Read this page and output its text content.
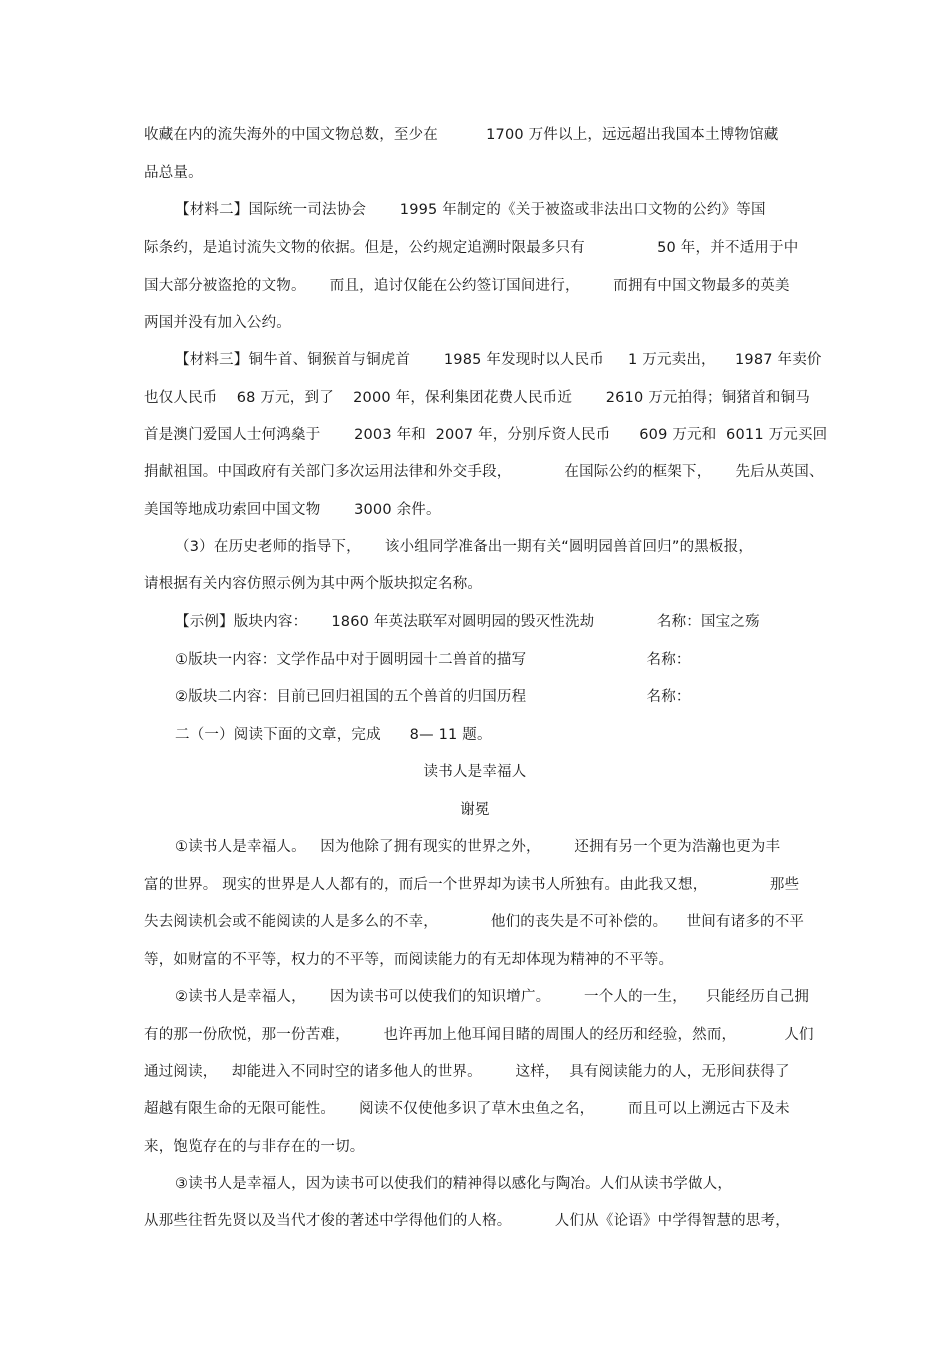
收藏在内的流失海外的中国文物总数，至少在          1700 万件以上，远远超出我国本土博物馆藏
品总量。
【材料二】国际统一司法协会       1995 年制定的《关于被盗或非法出口文物的公约》等国
际条约，是追讨流失文物的依据。但是，公约规定追溯时限最多只有               50 年，并不适用于中
国大部分被盗抢的文物。     而且，追讨仅能在公约签订国间进行，       而拥有中国文物最多的英美
两国并没有加入公约。
【材料三】铜牛首、铜猴首与铜虎首       1985 年发现时以人民币     1 万元卖出，    1987 年卖价
也仅人民币    68 万元，到了    2000 年，保利集团花费人民币近       2610 万元拍得；铜猪首和铜马
首是澳门爱国人士何鸿燊于       2003 年和  2007 年，分别斥资人民币      609 万元和  6011 万元买回
捐献祖国。中国政府有关部门多次运用法律和外交手段，           在国际公约的框架下，     先后从英国、
美国等地成功索回中国文物       3000 余件。
（3）在历史老师的指导下，     该小组同学准备出一期有关“圆明园兽首回归”的黑板报，
请根据有关内容仿照示例为其中两个版块拟定名称。
【示例】版块内容：     1860 年英法联军对圆明园的毁灭性洗劫             名称：国宝之殇
①版块一内容：文学作品中对于圆明园十二兽首的描写                         名称：
②版块二内容：目前已回归祖国的五个兽首的归国历程                         名称：
二（一）阅读下面的文章，完成      8— 11 题。
读书人是幸福人
谢冕
①读书人是幸福人。   因为他除了拥有现实的世界之外，       还拥有另一个更为浩瀚也更为丰
富的世界。 现实的世界是人人都有的，而后一个世界却为读书人所独有。由此我又想，             那些
失去阅读机会或不能阅读的人是多么的不幸，           他们的丧失是不可补偿的。    世间有诸多的不平
等，如财富的不平等，权力的不平等，而阅读能力的有无却体现为精神的不平等。
②读书人是幸福人，     因为读书可以使我们的知识增广。       一个人的一生，    只能经历自己拥
有的那一份欣悦，那一份苦难，       也许再加上他耳闻目睹的周围人的经历和经验，然而，          人们
通过阅读，   却能进入不同时空的诸多他人的世界。       这样，  具有阅读能力的人，无形间获得了
超越有限生命的无限可能性。     阅读不仅使他多识了草木虫鱼之名，       而且可以上溯远古下及未
来，饱览存在的与非存在的一切。
③读书人是幸福人，因为读书可以使我们的精神得以感化与陶冶。人们从读书学做人，
从那些往哲先贤以及当代才俊的著述中学得他们的人格。         人们从《论语》中学得智慧的思考，
